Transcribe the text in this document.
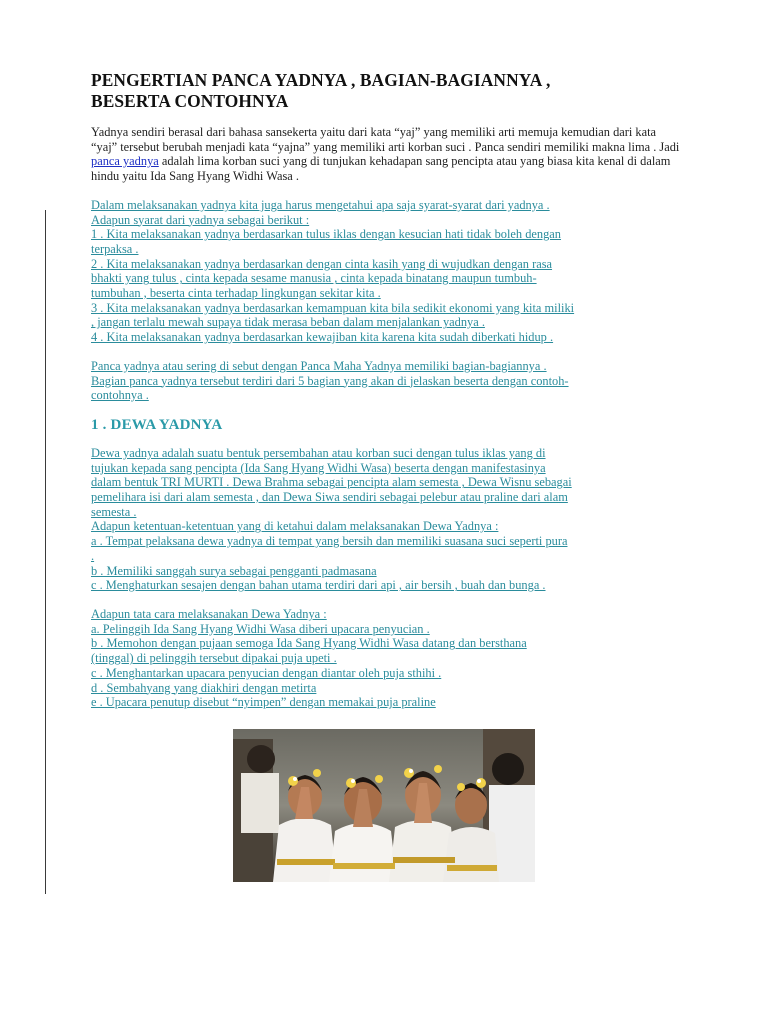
PENGERTIAN PANCA YADNYA , BAGIAN-BAGIANNYA ,
BESERTA CONTOHNYA

Yadnya sendiri berasal dari bahasa sansekerta yaitu dari kata “yaj” yang memiliki arti memuja kemudian dari kata “yaj” tersebut berubah menjadi kata “yajna” yang memiliki arti korban suci . Panca sendiri memiliki makna lima . Jadi panca yadnya adalah lima korban suci yang di tunjukan kehadapan sang pencipta atau yang biasa kita kenal di dalam hindu yaitu Ida Sang Hyang Widhi Wasa .

Dalam melaksanakan yadnya kita juga harus mengetahui apa saja syarat-syarat dari yadnya .
Adapun syarat dari yadnya sebagai berikut :
1 . Kita melaksanakan yadnya berdasarkan tulus iklas dengan kesucian hati tidak boleh dengan
terpaksa .
2 . Kita melaksanakan yadnya berdasarkan dengan cinta kasih yang di wujudkan dengan rasa
bhakti yang tulus , cinta kepada sesame manusia , cinta kepada binatang maupun tumbuh-
tumbuhan , beserta cinta terhadap lingkungan sekitar kita .
3 . Kita melaksanakan yadnya berdasarkan kemampuan kita bila sedikit ekonomi yang kita miliki
, jangan terlalu mewah supaya tidak merasa beban dalam menjalankan yadnya .
4 . Kita melaksanakan yadnya berdasarkan kewajiban kita karena kita sudah diberkati hidup .
Panca yadnya atau sering di sebut dengan Panca Maha Yadnya memiliki bagian-bagiannya .
Bagian panca yadnya tersebut terdiri dari 5 bagian yang akan di jelaskan beserta dengan contoh-
contohnya .
1 . DEWA YADNYA
Dewa yadnya adalah suatu bentuk persembahan atau korban suci dengan tulus iklas yang di
tujukan kepada sang pencipta (Ida Sang Hyang Widhi Wasa) beserta dengan manifestasinya
dalam bentuk TRI MURTI . Dewa Brahma sebagai pencipta alam semesta , Dewa Wisnu sebagai
pemelihara isi dari alam semesta , dan Dewa Siwa sendiri sebagai pelebur atau praline dari alam
semesta .
Adapun ketentuan-ketentuan yang di ketahui dalam melaksanakan Dewa Yadnya :
a . Tempat pelaksana dewa yadnya di tempat yang bersih dan memiliki suasana suci seperti pura
.
b . Memiliki sanggah surya sebagai pengganti padmasana
c . Menghaturkan sesajen dengan bahan utama terdiri dari api , air bersih , buah dan bunga .
Adapun tata cara melaksanakan Dewa Yadnya :
a. Pelinggih Ida Sang Hyang Widhi Wasa diberi upacara penyucian .
b . Memohon dengan pujaan semoga Ida Sang Hyang Widhi Wasa datang dan bersthana
(tinggal) di pelinggih tersebut dipakai puja upeti .
c . Menghantarkan upacara penyucian dengan diantar oleh puja sthihi .
d . Sembahyang yang diakhiri dengan metirta
e . Upacara penutup disebut “nyimpen” dengan memakai puja praline
